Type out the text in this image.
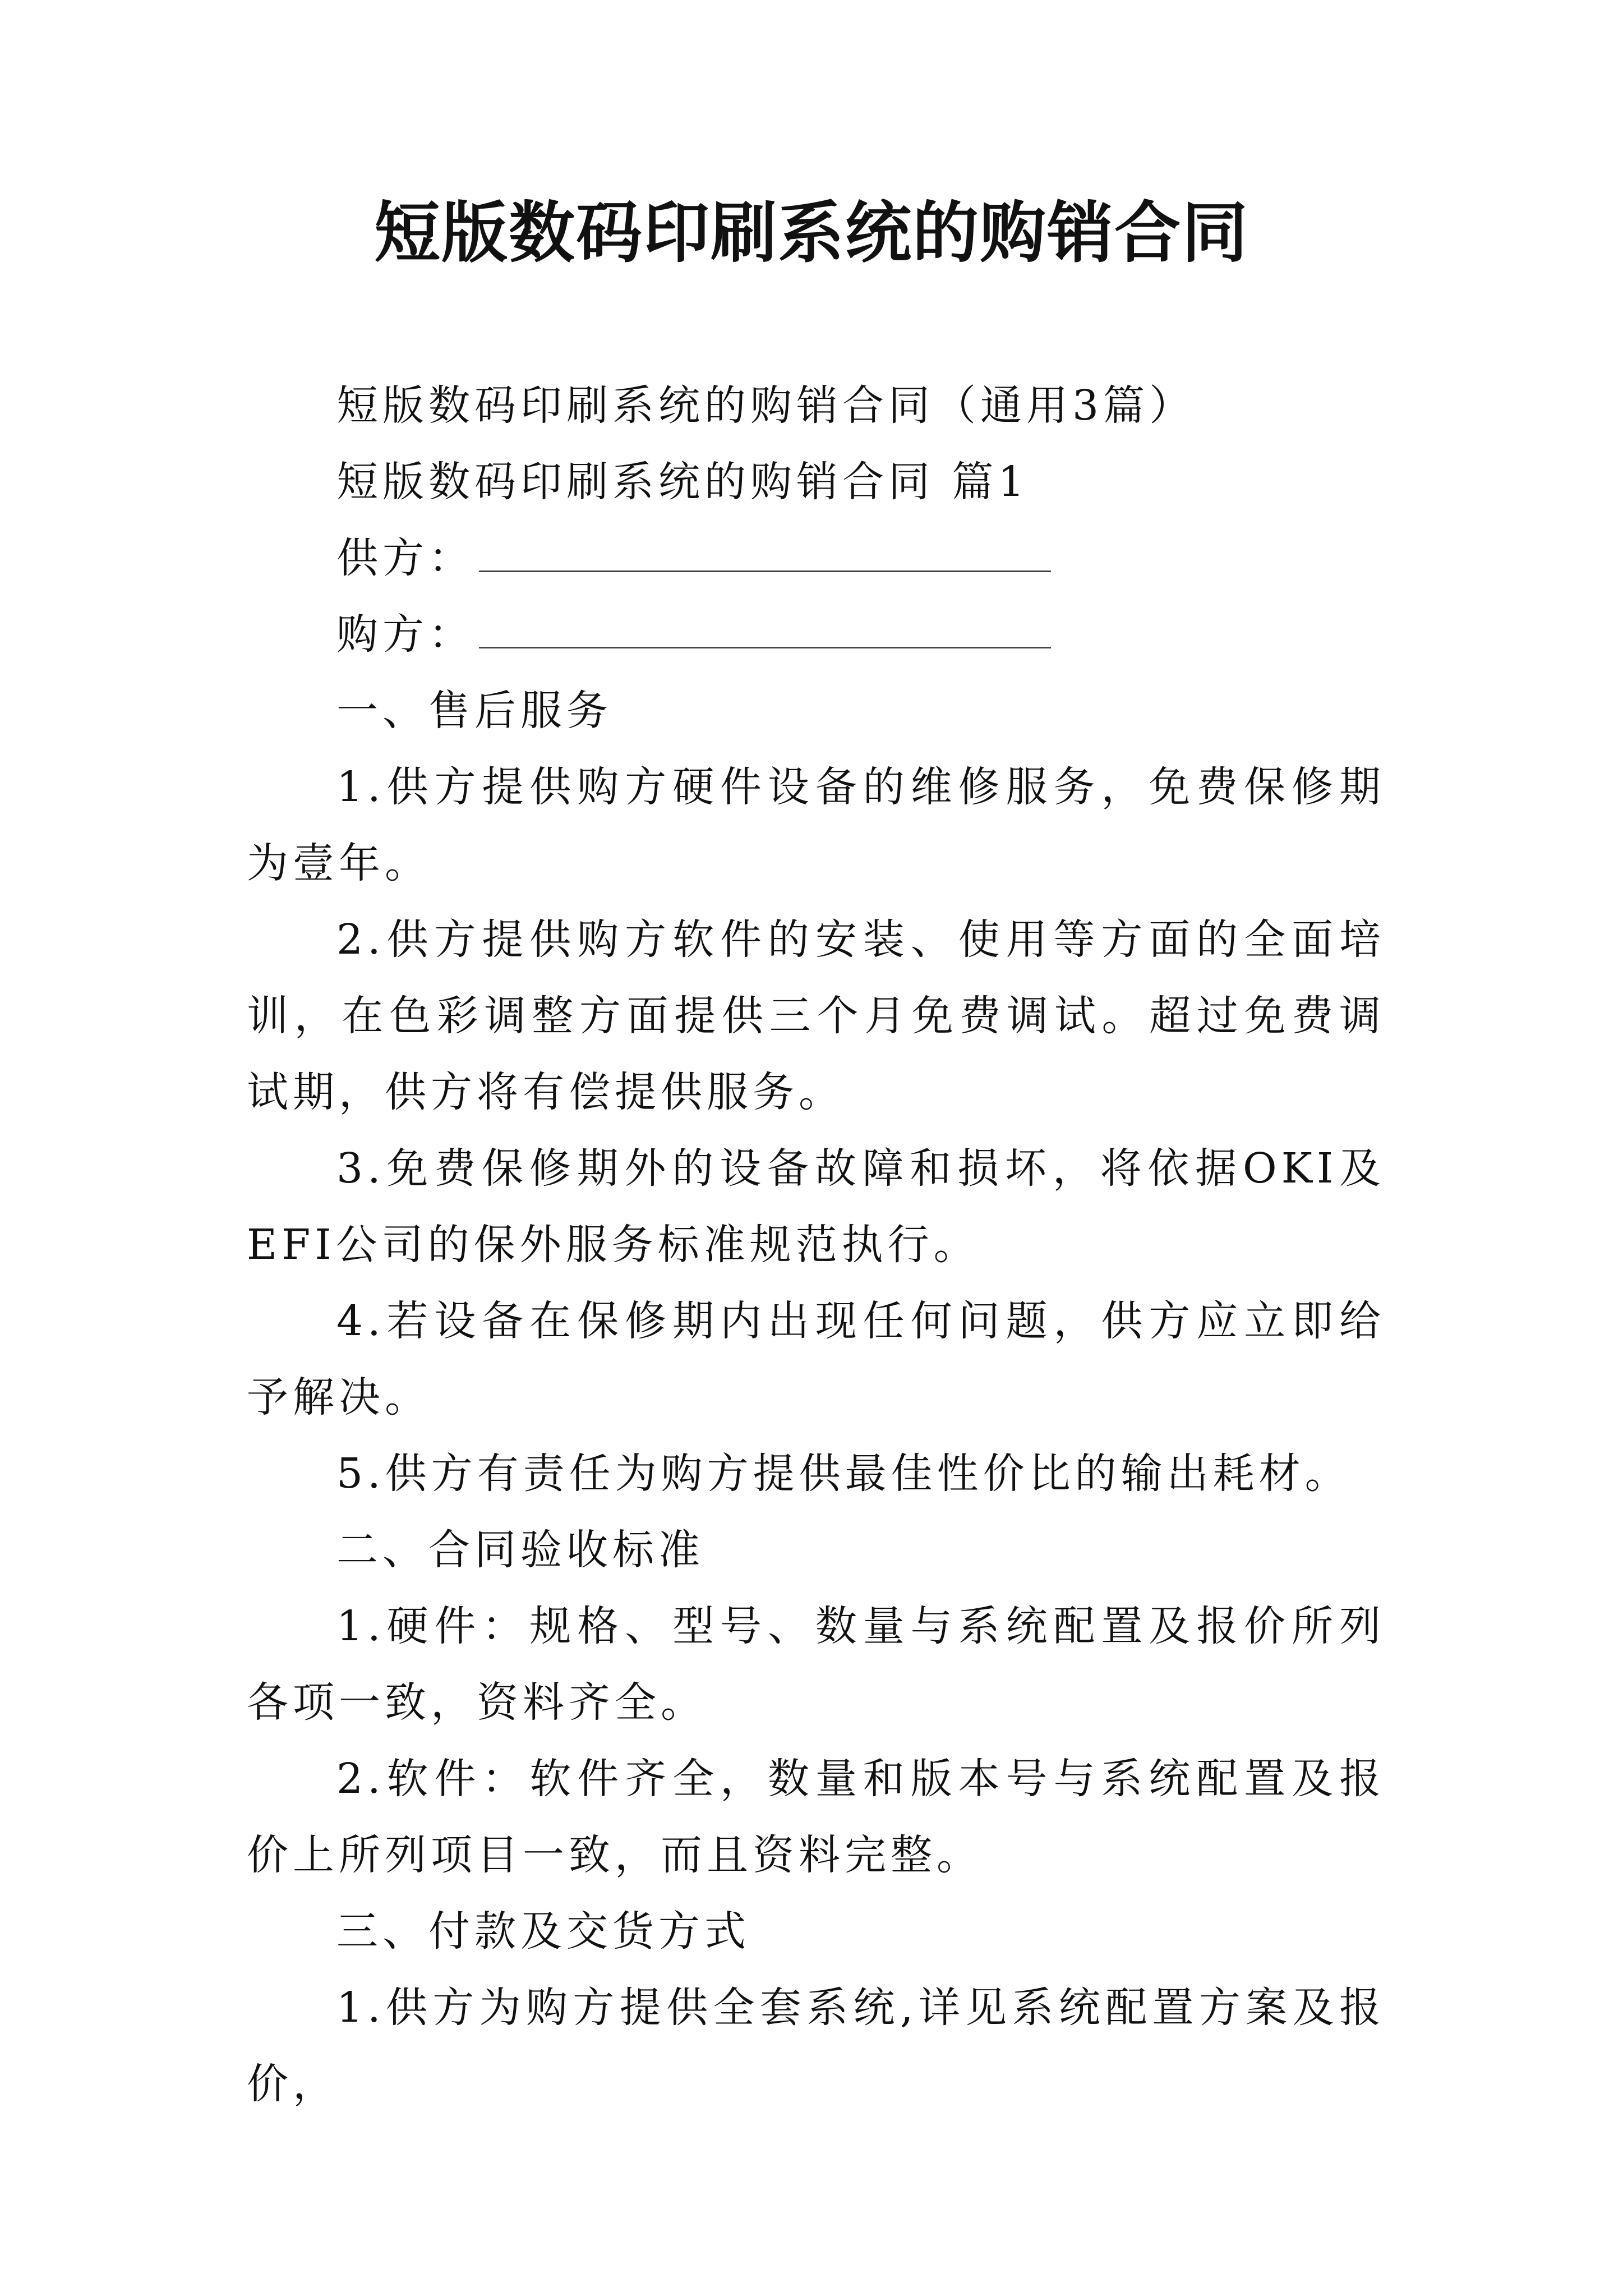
短版数码印刷系统的购销合同

短版数码印刷系统的购销合同（通用3篇）

短版数码印刷系统的购销合同 篇1

供方：

购方：

一、售后服务

1.供方提供购方硬件设备的维修服务，免费保修期为壹年。

2.供方提供购方软件的安装、使用等方面的全面培训，在色彩调整方面提供三个月免费调试。超过免费调试期，供方将有偿提供服务。

3.免费保修期外的设备故障和损坏，将依据OKI及EFI公司的保外服务标准规范执行。

4.若设备在保修期内出现任何问题，供方应立即给予解决。

5.供方有责任为购方提供最佳性价比的输出耗材。

二、合同验收标准

1.硬件：规格、型号、数量与系统配置及报价所列各项一致，资料齐全。

2.软件：软件齐全，数量和版本号与系统配置及报价上所列项目一致，而且资料完整。

三、付款及交货方式

1.供方为购方提供全套系统,详见系统配置方案及报价，
